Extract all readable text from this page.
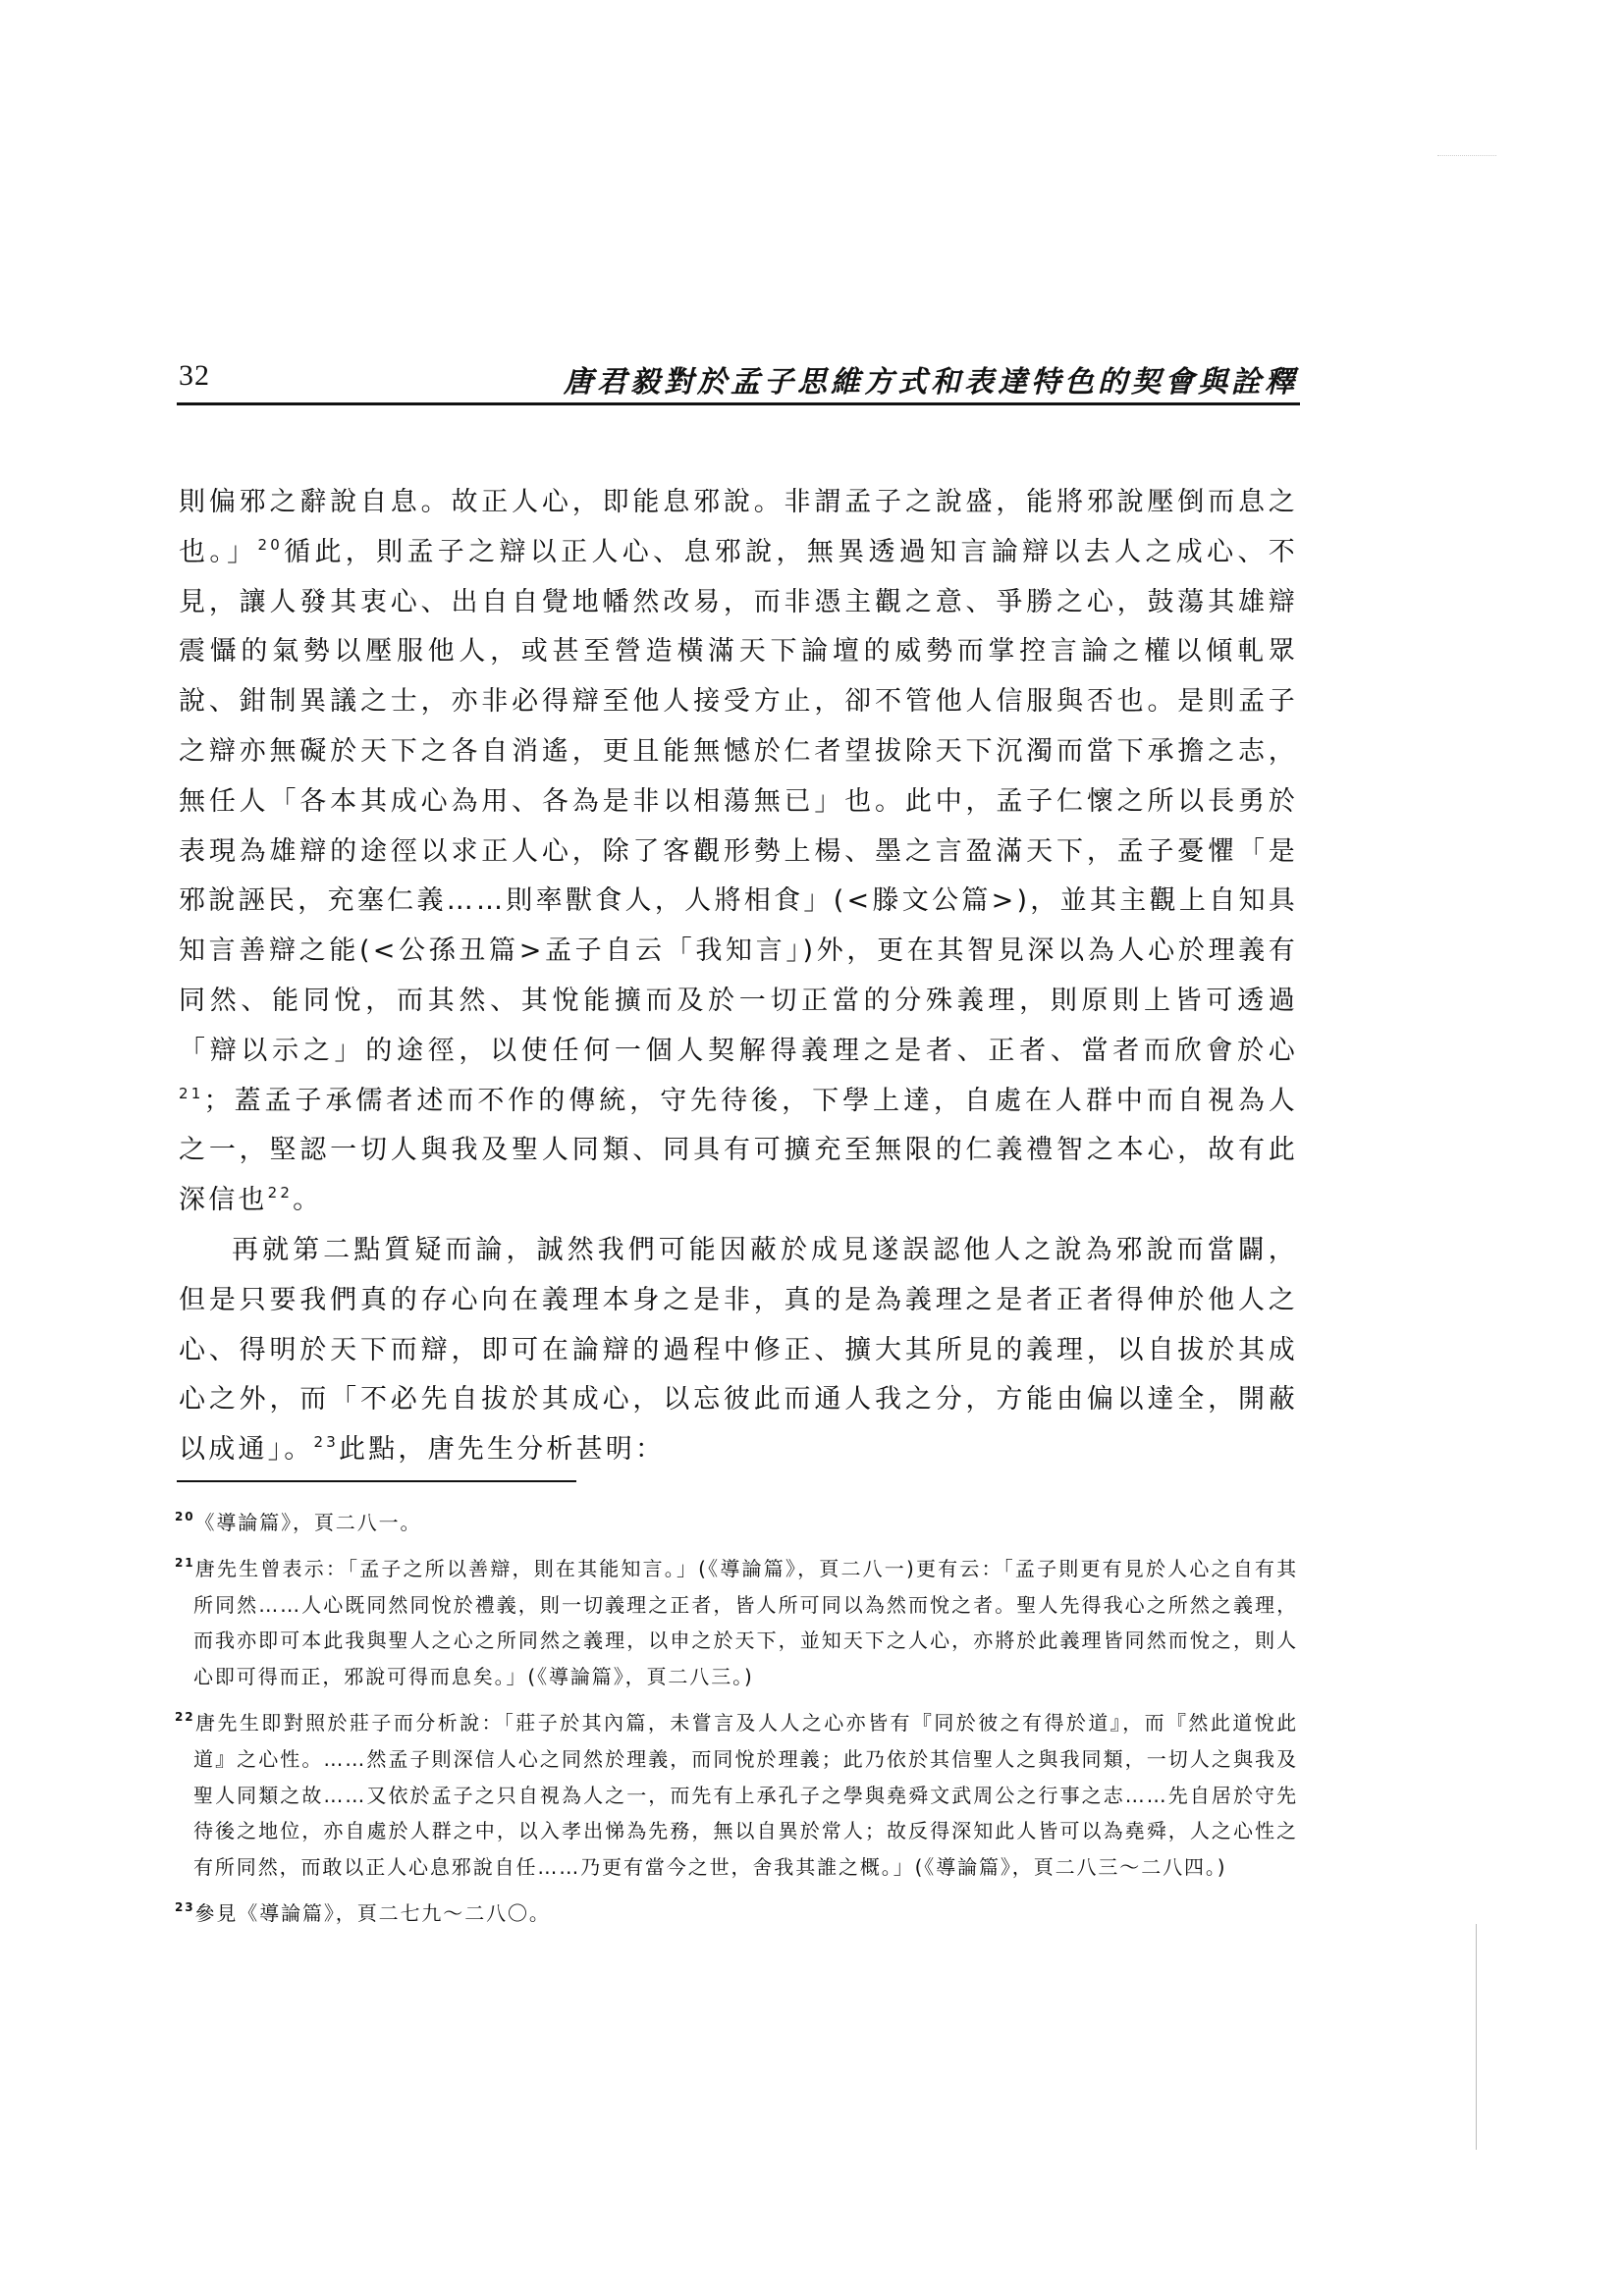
32	唐君毅對於孟子思維方式和表達特色的契會與詮釋

則偏邪之辭說自息。故正人心，即能息邪說。非謂孟子之說盛，能將邪說壓倒而息之也。」$^{20}$循此，則孟子之辯以正人心、息邪說，無異透過知言論辯以去人之成心、不見，讓人發其衷心、出自自覺地幡然改易，而非憑主觀之意、爭勝之心，鼓蕩其雄辯震懾的氣勢以壓服他人，或甚至營造橫滿天下論壇的威勢而掌控言論之權以傾軋眾說、鉗制異議之士，亦非必得辯至他人接受方止，卻不管他人信服與否也。是則孟子之辯亦無礙於天下之各自消遙，更且能無憾於仁者望拔除天下沉濁而當下承擔之志，無任人「各本其成心為用、各為是非以相蕩無已」也。此中，孟子仁懷之所以長勇於表現為雄辯的途徑以求正人心，除了客觀形勢上楊、墨之言盈滿天下，孟子憂懼「是邪說誣民，充塞仁義……則率獸食人，人將相食」(<滕文公篇>)，並其主觀上自知具知言善辯之能(<公孫丑篇>孟子自云「我知言」)外，更在其智見深以為人心於理義有同然、能同悅，而其然、其悅能擴而及於一切正當的分殊義理，則原則上皆可透過「辯以示之」的途徑，以使任何一個人契解得義理之是者、正者、當者而欣會於心$^{21}$；蓋孟子承儒者述而不作的傳統，守先待後，下學上達，自處在人群中而自視為人之一，堅認一切人與我及聖人同類、同具有可擴充至無限的仁義禮智之本心，故有此深信也$^{22}$。

再就第二點質疑而論，誠然我們可能因蔽於成見遂誤認他人之說為邪說而當闢，但是只要我們真的存心向在義理本身之是非，真的是為義理之是者正者得伸於他人之心、得明於天下而辯，即可在論辯的過程中修正、擴大其所見的義理，以自拔於其成心之外，而「不必先自拔於其成心，以忘彼此而通人我之分，方能由偏以達全，開蔽以成通」。$^{23}$此點，唐先生分析甚明：

$^{20}$《導論篇》，頁二八一。

$^{21}$唐先生曾表示：「孟子之所以善辯，則在其能知言。」(《導論篇》，頁二八一)更有云：「孟子則更有見於人心之自有其所同然……人心既同然同悅於禮義，則一切義理之正者，皆人所可同以為然而悅之者。聖人先得我心之所然之義理，而我亦即可本此我與聖人之心之所同然之義理，以申之於天下，並知天下之人心，亦將於此義理皆同然而悅之，則人心即可得而正，邪說可得而息矣。」(《導論篇》，頁二八三。)

$^{22}$唐先生即對照於莊子而分析說：「莊子於其內篇，未嘗言及人人之心亦皆有『同於彼之有得於道』，而『然此道悅此道』之心性。……然孟子則深信人心之同然於理義，而同悅於理義；此乃依於其信聖人之與我同類，一切人之與我及聖人同類之故……又依於孟子之只自視為人之一，而先有上承孔子之學與堯舜文武周公之行事之志……先自居於守先待後之地位，亦自處於人群之中，以入孝出悌為先務，無以自異於常人；故反得深知此人皆可以為堯舜，人之心性之有所同然，而敢以正人心息邪說自任……乃更有當今之世，舍我其誰之概。」(《導論篇》，頁二八三～二八四。)

$^{23}$參見《導論篇》，頁二七九～二八〇。
